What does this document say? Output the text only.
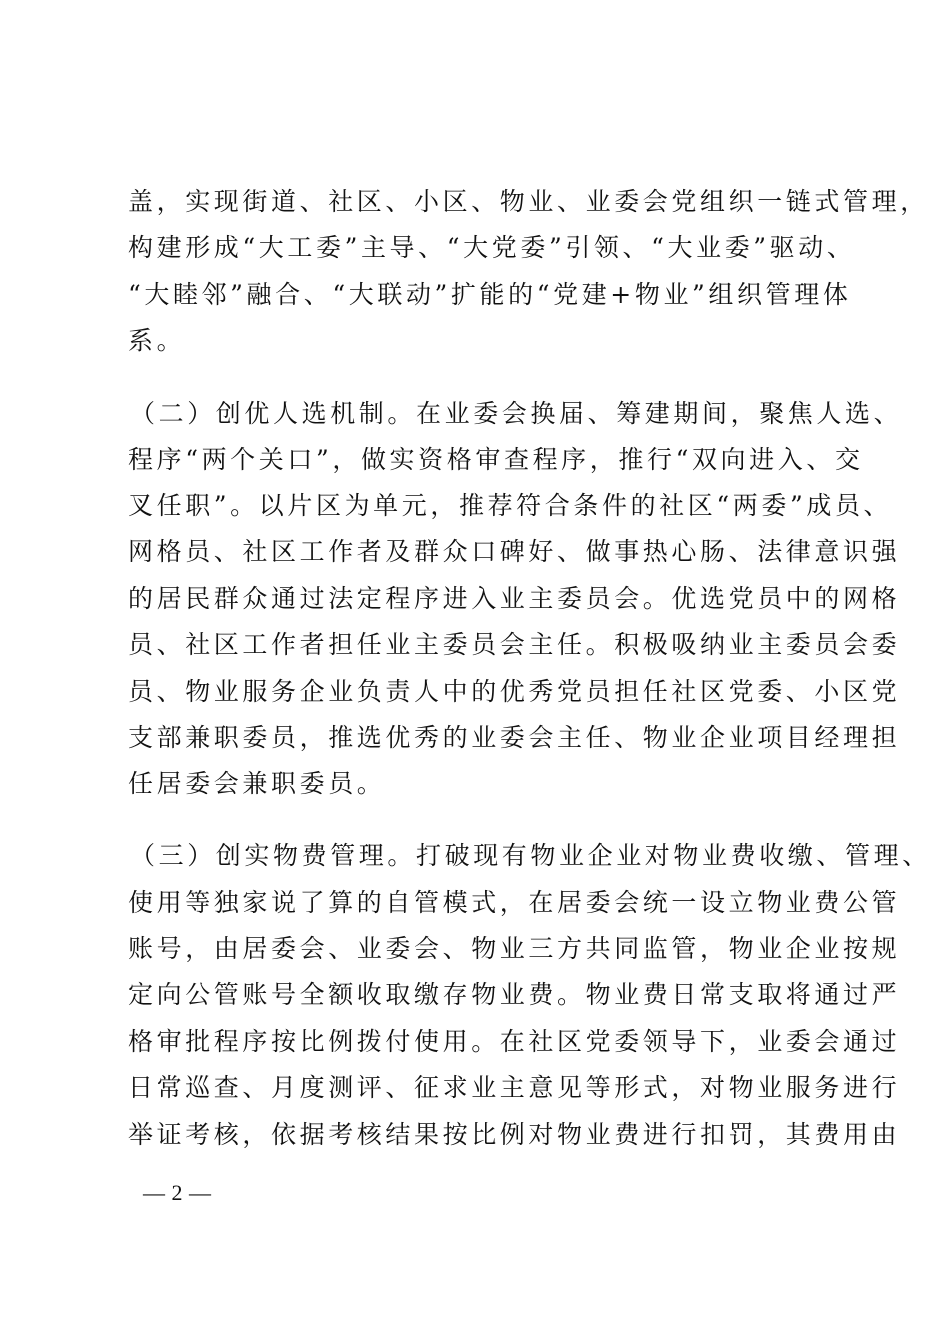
盖，实现街道、社区、小区、物业、业委会党组织一链式管理，
构建形成“大工委”主导、“大党委”引领、“大业委”驱动、
“大睦邻”融合、“大联动”扩能的“党建+物业”组织管理体
系。
（二）创优人选机制。在业委会换届、筹建期间，聚焦人选、
程序“两个关口”，做实资格审查程序，推行“双向进入、交
叉任职”。以片区为单元，推荐符合条件的社区“两委”成员、
网格员、社区工作者及群众口碑好、做事热心肠、法律意识强
的居民群众通过法定程序进入业主委员会。优选党员中的网格
员、社区工作者担任业主委员会主任。积极吸纳业主委员会委
员、物业服务企业负责人中的优秀党员担任社区党委、小区党
支部兼职委员，推选优秀的业委会主任、物业企业项目经理担
任居委会兼职委员。
（三）创实物费管理。打破现有物业企业对物业费收缴、管理、
使用等独家说了算的自管模式，在居委会统一设立物业费公管
账号，由居委会、业委会、物业三方共同监管，物业企业按规
定向公管账号全额收取缴存物业费。物业费日常支取将通过严
格审批程序按比例拨付使用。在社区党委领导下，业委会通过
日常巡查、月度测评、征求业主意见等形式，对物业服务进行
举证考核，依据考核结果按比例对物业费进行扣罚，其费用由
— 2 —
